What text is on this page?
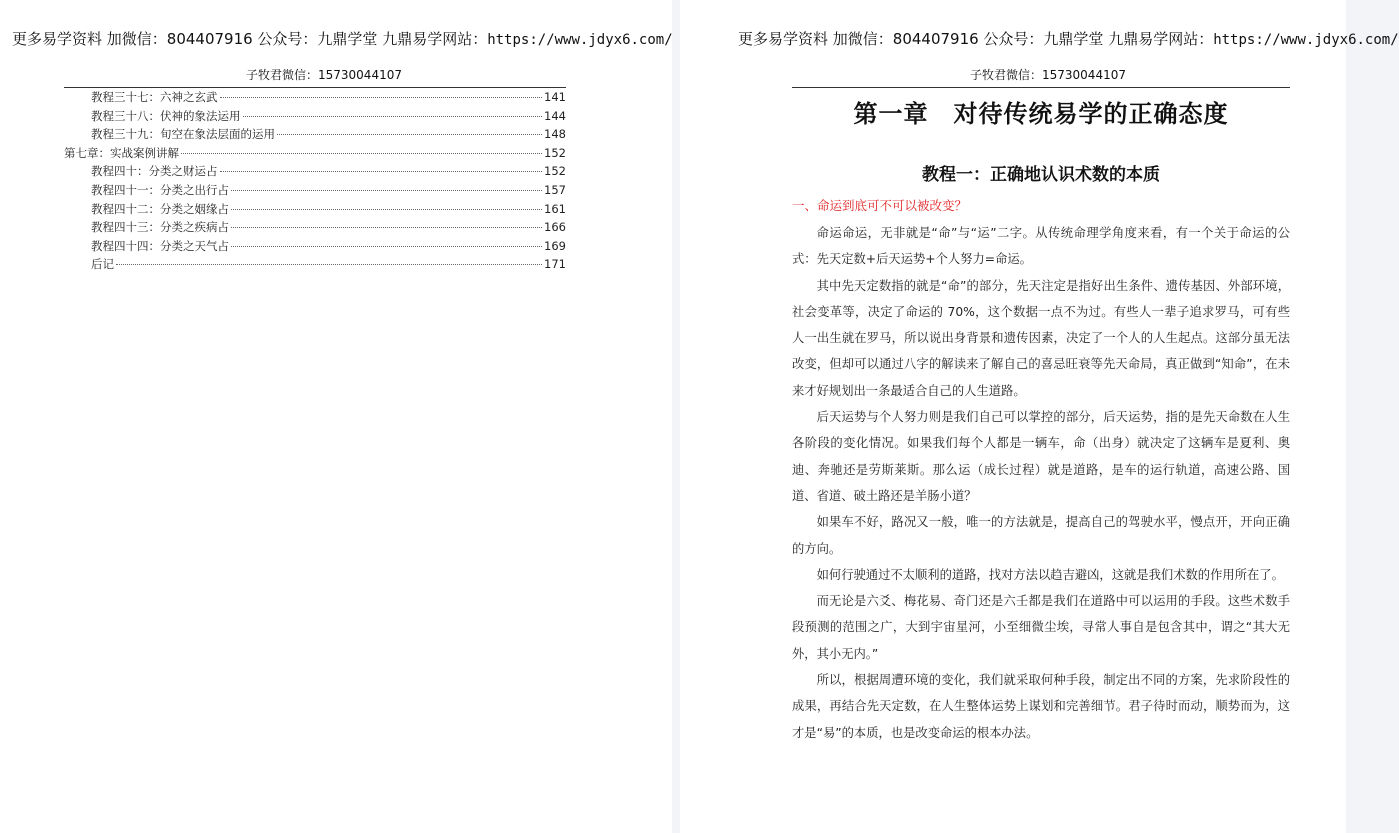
更多易学资料 加微信：804407916 公众号：九鼎学堂 九鼎易学网站：https://www.jdyx6.com/
子牧君微信：15730044107
教程三十七：六神之玄武	141
教程三十八：伏神的象法运用	144
教程三十九：旬空在象法层面的运用	148
第七章：实战案例讲解	152
教程四十：分类之财运占	152
教程四十一：分类之出行占	157
教程四十二：分类之姻缘占	161
教程四十三：分类之疾病占	166
教程四十四：分类之天气占	169
后记	171
更多易学资料 加微信：804407916 公众号：九鼎学堂 九鼎易学网站：https://www.jdyx6.com/
子牧君微信：15730044107
第一章　对待传统易学的正确态度
教程一：正确地认识术数的本质
一、命运到底可不可以被改变？

命运命运，无非就是“命”与“运”二字。从传统命理学角度来看，有一个关于命运的公式：先天定数+后天运势+个人努力=命运。

其中先天定数指的就是“命”的部分，先天注定是指好出生条件、遗传基因、外部环境，社会变革等，决定了命运的 70%，这个数据一点不为过。有些人一辈子追求罗马，可有些人一出生就在罗马，所以说出身背景和遗传因素，决定了一个人的人生起点。这部分虽无法改变，但却可以通过八字的解读来了解自己的喜忌旺衰等先天命局，真正做到“知命”，在未来才好规划出一条最适合自己的人生道路。

后天运势与个人努力则是我们自己可以掌控的部分，后天运势，指的是先天命数在人生各阶段的变化情况。如果我们每个人都是一辆车，命（出身）就决定了这辆车是夏利、奥迪、奔驰还是劳斯莱斯。那么运（成长过程）就是道路，是车的运行轨道，高速公路、国道、省道、破土路还是羊肠小道？

如果车不好，路况又一般，唯一的方法就是，提高自己的驾驶水平，慢点开，开向正确的方向。

如何行驶通过不太顺利的道路，找对方法以趋吉避凶，这就是我们术数的作用所在了。

而无论是六爻、梅花易、奇门还是六壬都是我们在道路中可以运用的手段。这些术数手段预测的范围之广，大到宇宙星河，小至细微尘埃，寻常人事自是包含其中，谓之“其大无外，其小无内。”

所以，根据周遭环境的变化，我们就采取何种手段，制定出不同的方案，先求阶段性的成果，再结合先天定数，在人生整体运势上谋划和完善细节。君子待时而动，顺势而为，这才是“易”的本质，也是改变命运的根本办法。
